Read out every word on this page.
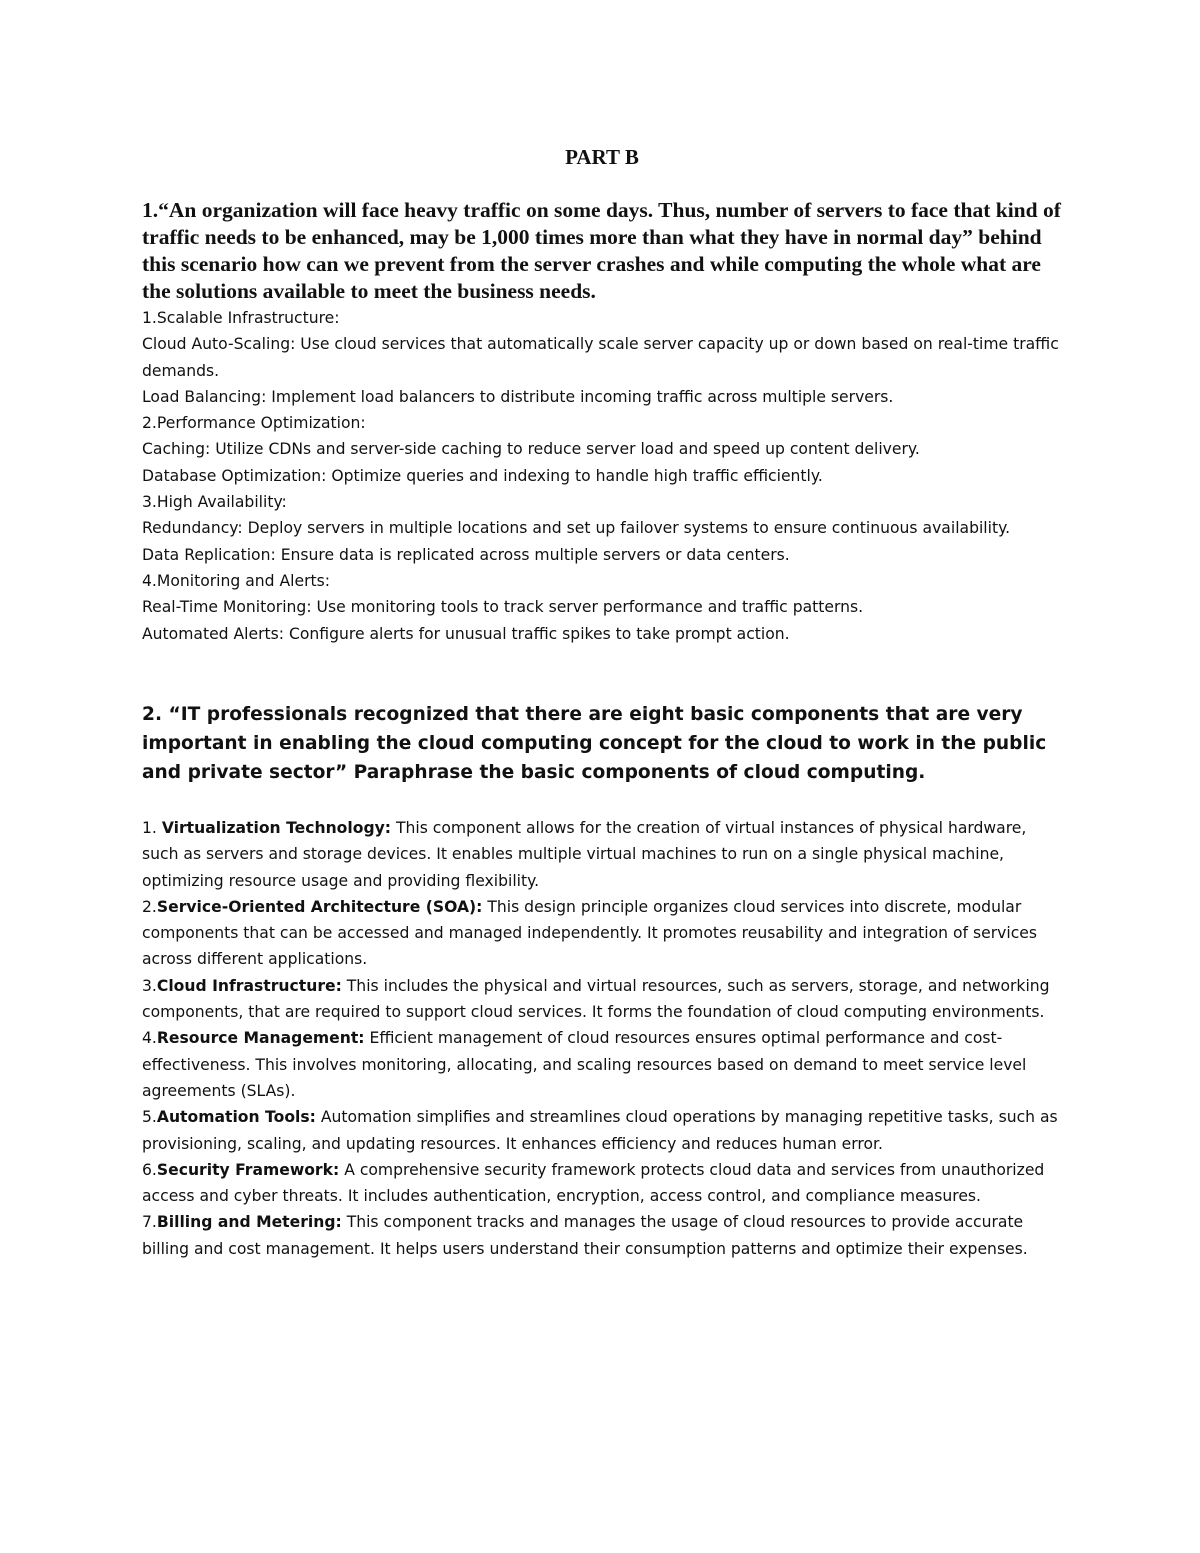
PART B

1.“An organization will face heavy traffic on some days. Thus, number of servers to face that kind of traffic needs to be enhanced, may be 1,000 times more than what they have in normal day” behind this scenario how can we prevent from the server crashes and while computing the whole what are the solutions available to meet the business needs.

1.Scalable Infrastructure:

Cloud Auto-Scaling: Use cloud services that automatically scale server capacity up or down based on real-time traffic demands.

Load Balancing: Implement load balancers to distribute incoming traffic across multiple servers.

2.Performance Optimization:

Caching: Utilize CDNs and server-side caching to reduce server load and speed up content delivery.

Database Optimization: Optimize queries and indexing to handle high traffic efficiently.

3.High Availability:

Redundancy: Deploy servers in multiple locations and set up failover systems to ensure continuous availability.

Data Replication: Ensure data is replicated across multiple servers or data centers.

4.Monitoring and Alerts:

Real-Time Monitoring: Use monitoring tools to track server performance and traffic patterns.

Automated Alerts: Configure alerts for unusual traffic spikes to take prompt action.

2. “IT professionals recognized that there are eight basic components that are very important in enabling the cloud computing concept for the cloud to work in the public and private sector” Paraphrase the basic components of cloud computing.

1. Virtualization Technology: This component allows for the creation of virtual instances of physical hardware, such as servers and storage devices. It enables multiple virtual machines to run on a single physical machine, optimizing resource usage and providing flexibility.

2.Service-Oriented Architecture (SOA): This design principle organizes cloud services into discrete, modular components that can be accessed and managed independently. It promotes reusability and integration of services across different applications.

3.Cloud Infrastructure: This includes the physical and virtual resources, such as servers, storage, and networking components, that are required to support cloud services. It forms the foundation of cloud computing environments.

4.Resource Management: Efficient management of cloud resources ensures optimal performance and cost-effectiveness. This involves monitoring, allocating, and scaling resources based on demand to meet service level agreements (SLAs).

5.Automation Tools: Automation simplifies and streamlines cloud operations by managing repetitive tasks, such as provisioning, scaling, and updating resources. It enhances efficiency and reduces human error.

6.Security Framework: A comprehensive security framework protects cloud data and services from unauthorized access and cyber threats. It includes authentication, encryption, access control, and compliance measures.

7.Billing and Metering: This component tracks and manages the usage of cloud resources to provide accurate billing and cost management. It helps users understand their consumption patterns and optimize their expenses.
